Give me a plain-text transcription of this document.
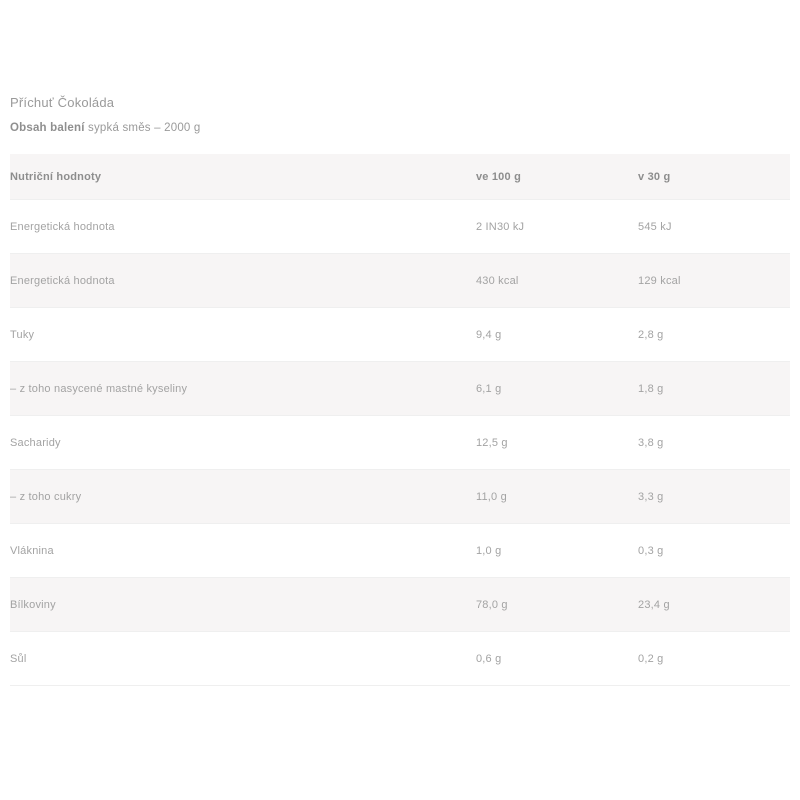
Příchuť Čokoláda
Obsah balení sypká směs – 2000 g
Nutriční hodnoty	ve 100 g	v 30 g
Energetická hodnota	2 IN30 kJ	545 kJ
Energetická hodnota	430 kcal	129 kcal
Tuky	9,4 g	2,8 g
– z toho nasycené mastné kyseliny	6,1 g	1,8 g
Sacharidy	12,5 g	3,8 g
– z toho cukry	11,0 g	3,3 g
Vláknina	1,0 g	0,3 g
Bílkoviny	78,0 g	23,4 g
Sůl	0,6 g	0,2 g
